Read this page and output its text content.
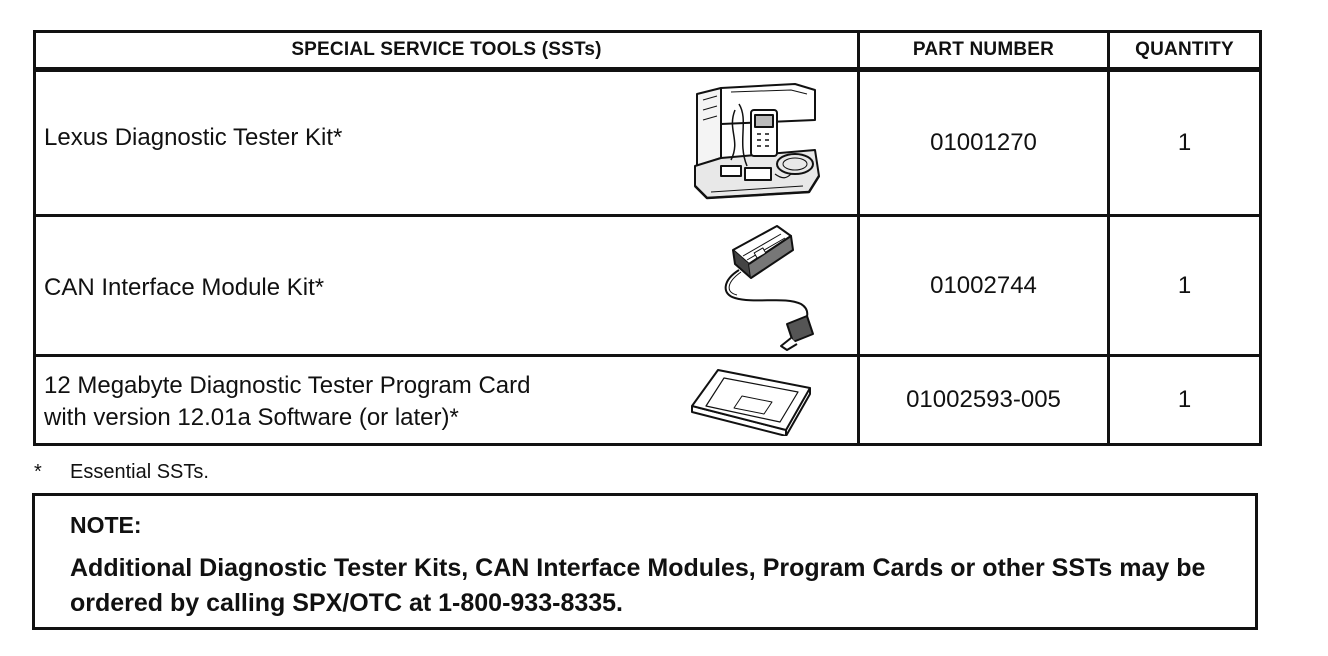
SPECIAL SERVICE TOOLS (SSTs)	PART NUMBER	QUANTITY

Lexus Diagnostic Tester Kit*	01001270	1

CAN Interface Module Kit*	01002744	1

12 Megabyte Diagnostic Tester Program Card
with version 12.01a Software (or later)*	01002593-005	1
* Essential SSTs.
NOTE:
Additional Diagnostic Tester Kits, CAN Interface Modules, Program Cards or other SSTs may be ordered by calling SPX/OTC at 1-800-933-8335.
